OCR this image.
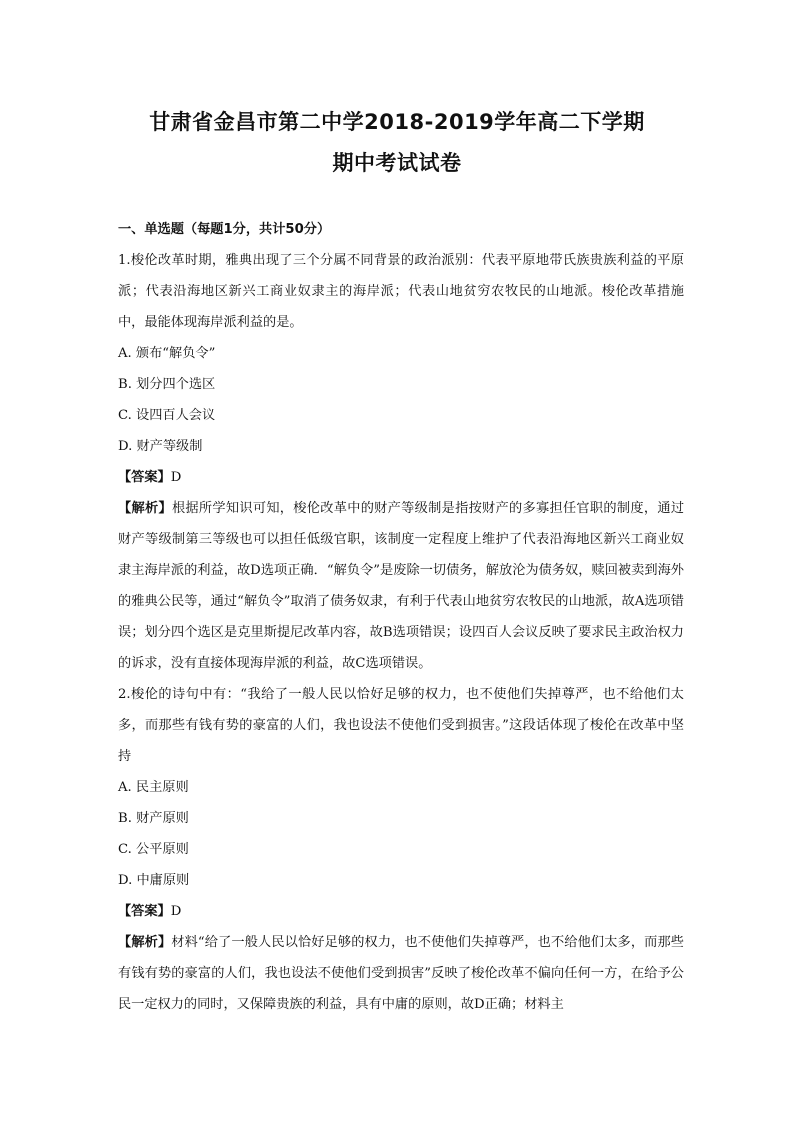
甘肃省金昌市第二中学2018-2019学年高二下学期
期中考试试卷

一、单选题（每题1分，共计50分）

1.梭伦改革时期，雅典出现了三个分属不同背景的政治派别：代表平原地带氏族贵族利益的平原派；代表沿海地区新兴工商业奴隶主的海岸派；代表山地贫穷农牧民的山地派。梭伦改革措施中，最能体现海岸派利益的是。

A. 颁布“解负令”

B. 划分四个选区

C. 设四百人会议

D. 财产等级制

【答案】D

【解析】根据所学知识可知，梭伦改革中的财产等级制是指按财产的多寡担任官职的制度，通过财产等级制第三等级也可以担任低级官职，该制度一定程度上维护了代表沿海地区新兴工商业奴隶主海岸派的利益，故D选项正确．“解负令”是废除一切债务，解放沦为债务奴，赎回被卖到海外的雅典公民等，通过“解负令”取消了债务奴隶，有利于代表山地贫穷农牧民的山地派，故A选项错误；划分四个选区是克里斯提尼改革内容，故B选项错误；设四百人会议反映了要求民主政治权力的诉求，没有直接体现海岸派的利益，故C选项错误。

2.梭伦的诗句中有：“我给了一般人民以恰好足够的权力，也不使他们失掉尊严，也不给他们太多，而那些有钱有势的豪富的人们，我也设法不使他们受到损害。”这段话体现了梭伦在改革中坚持

A. 民主原则

B. 财产原则

C. 公平原则

D. 中庸原则

【答案】D

【解析】材料“给了一般人民以恰好足够的权力，也不使他们失掉尊严，也不给他们太多，而那些有钱有势的豪富的人们，我也设法不使他们受到损害”反映了梭伦改革不偏向任何一方，在给予公民一定权力的同时，又保障贵族的利益，具有中庸的原则，故D正确；材料主
